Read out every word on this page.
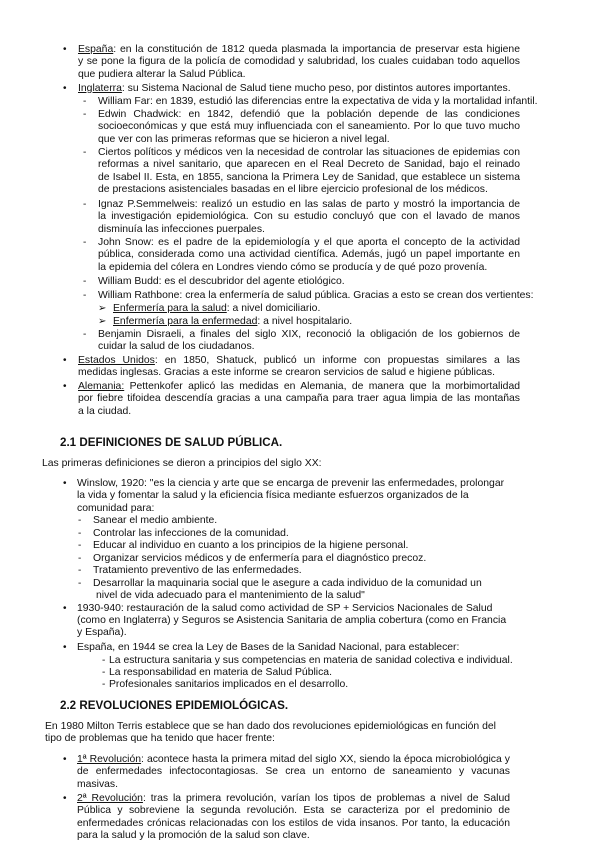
• España: en la constitución de 1812 queda plasmada la importancia de preservar esta higiene
y se pone la figura de la policía de comodidad y salubridad, los cuales cuidaban todo aquellos
que pudiera alterar la Salud Pública.
• Inglaterra: su Sistema Nacional de Salud tiene mucho peso, por distintos autores importantes.
- William Far: en 1839, estudió las diferencias entre la expectativa de vida y la mortalidad infantil.
- Edwin Chadwick: en 1842, defendió que la población depende de las condiciones
socioeconómicas y que está muy influenciada con el saneamiento. Por lo que tuvo mucho
que ver con las primeras reformas que se hicieron a nivel legal.
- Ciertos políticos y médicos ven la necesidad de controlar las situaciones de epidemias con
reformas a nivel sanitario, que aparecen en el Real Decreto de Sanidad, bajo el reinado
de Isabel II. Esta, en 1855, sanciona la Primera Ley de Sanidad, que establece un sistema
de prestacions asistenciales basadas en el libre ejercicio profesional de los médicos.
- Ignaz P.Semmelweis: realizó un estudio en las salas de parto y mostró la importancia de
la investigación epidemiológica. Con su estudio concluyó que con el lavado de manos
disminuía las infecciones puerpales.
- John Snow: es el padre de la epidemiología y el que aporta el concepto de la actividad
pública, considerada como una actividad científica. Además, jugó un papel importante en
la epidemia del cólera en Londres viendo cómo se producía y de qué pozo provenía.
- William Budd: es el descubridor del agente etiológico.
- William Rathbone: crea la enfermería de salud pública. Gracias a esto se crean dos vertientes:
➢ Enfermería para la salud: a nivel domiciliario.
➢ Enfermería para la enfermedad: a nivel hospitalario.
- Benjamin Disraeli, a finales del siglo XIX, reconoció la obligación de los gobiernos de
cuidar la salud de los ciudadanos.
• Estados Unidos: en 1850, Shatuck, publicó un informe con propuestas similares a las
medidas inglesas. Gracias a este informe se crearon servicios de salud e higiene públicas.
• Alemania: Pettenkofer aplicó las medidas en Alemania, de manera que la morbimortalidad
por fiebre tifoidea descendía gracias a una campaña para traer agua limpia de las montañas
a la ciudad.
2.1 DEFINICIONES DE SALUD PÚBLICA.
Las primeras definiciones se dieron a principios del siglo XX:
• Winslow, 1920: "es la ciencia y arte que se encarga de prevenir las enfermedades, prolongar
la vida y fomentar la salud y la eficiencia física mediante esfuerzos organizados de la
comunidad para:
- Sanear el medio ambiente.
- Controlar las infecciones de la comunidad.
- Educar al individuo en cuanto a los principios de la higiene personal.
- Organizar servicios médicos y de enfermería para el diagnóstico precoz.
- Tratamiento preventivo de las enfermedades.
- Desarrollar la maquinaria social que le asegure a cada individuo de la comunidad un
nivel de vida adecuado para el mantenimiento de la salud"
• 1930-940: restauración de la salud como actividad de SP + Servicios Nacionales de Salud
(como en Inglaterra) y Seguros se Asistencia Sanitaria de amplia cobertura (como en Francia
y España).
• España, en 1944 se crea la Ley de Bases de la Sanidad Nacional, para establecer:
- La estructura sanitaria y sus competencias en materia de sanidad colectiva e individual.
- La responsabilidad en materia de Salud Pública.
- Profesionales sanitarios implicados en el desarrollo.
2.2 REVOLUCIONES EPIDEMIOLÓGICAS.
En 1980 Milton Terris establece que se han dado dos revoluciones epidemiológicas en función del
tipo de problemas que ha tenido que hacer frente:
• 1ª Revolución: acontece hasta la primera mitad del siglo XX, siendo la época microbiológica y
de enfermedades infectocontagiosas. Se crea un entorno de saneamiento y vacunas
masivas.
• 2ª Revolución: tras la primera revolución, varían los tipos de problemas a nivel de Salud
Pública y sobreviene la segunda revolución. Esta se caracteriza por el predominio de
enfermedades crónicas relacionadas con los estilos de vida insanos. Por tanto, la educación
para la salud y la promoción de la salud son clave.
